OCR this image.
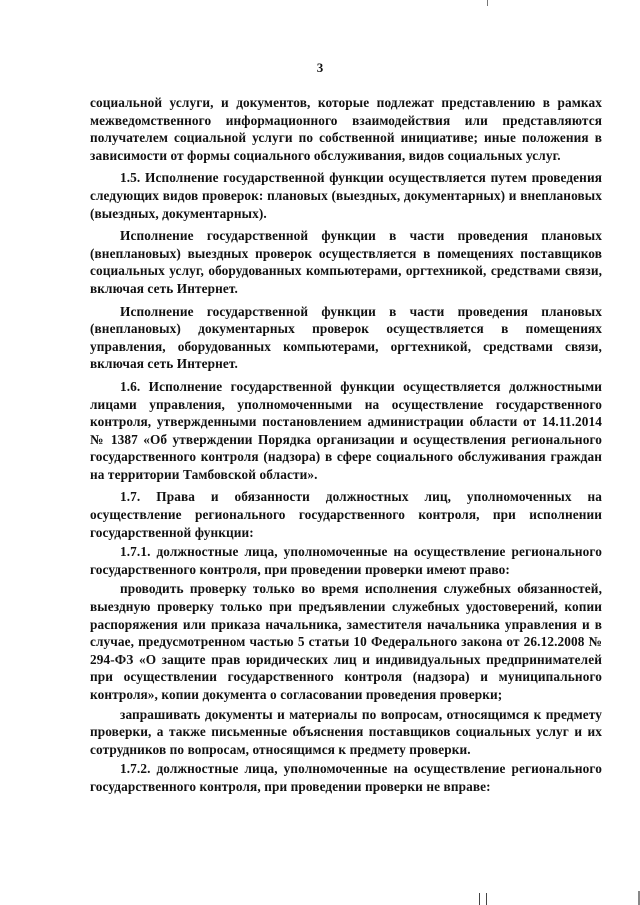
3

социальной услуги, и документов, которые подлежат представлению в рамках межведомственного информационного взаимодействия или представляются получателем социальной услуги по собственной инициативе; иные положения в зависимости от формы социального обслуживания, видов социальных услуг.

1.5. Исполнение государственной функции осуществляется путем проведения следующих видов проверок: плановых (выездных, документарных) и внеплановых (выездных, документарных).

Исполнение государственной функции в части проведения плановых (внеплановых) выездных проверок осуществляется в помещениях поставщиков социальных услуг, оборудованных компьютерами, оргтехникой, средствами связи, включая сеть Интернет.

Исполнение государственной функции в части проведения плановых (внеплановых) документарных проверок осуществляется в помещениях управления, оборудованных компьютерами, оргтехникой, средствами связи, включая сеть Интернет.

1.6. Исполнение государственной функции осуществляется должностными лицами управления, уполномоченными на осуществление государственного контроля, утвержденными постановлением администрации области от 14.11.2014 № 1387 «Об утверждении Порядка организации и осуществления регионального государственного контроля (надзора) в сфере социального обслуживания граждан на территории Тамбовской области».

1.7. Права и обязанности должностных лиц, уполномоченных на осуществление регионального государственного контроля, при исполнении государственной функции:

1.7.1. должностные лица, уполномоченные на осуществление регионального государственного контроля, при проведении проверки имеют право:

проводить проверку только во время исполнения служебных обязанностей, выездную проверку только при предъявлении служебных удостоверений, копии распоряжения или приказа начальника, заместителя начальника управления и в случае, предусмотренном частью 5 статьи 10 Федерального закона от 26.12.2008 № 294-ФЗ «О защите прав юридических лиц и индивидуальных предпринимателей при осуществлении государственного контроля (надзора) и муниципального контроля», копии документа о согласовании проведения проверки;

запрашивать документы и материалы по вопросам, относящимся к предмету проверки, а также письменные объяснения поставщиков социальных услуг и их сотрудников по вопросам, относящимся к предмету проверки.

1.7.2. должностные лица, уполномоченные на осуществление регионального государственного контроля, при проведении проверки не вправе:
